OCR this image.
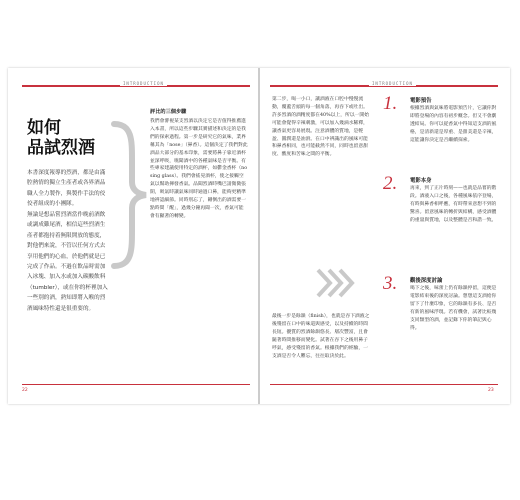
INTRODUCTION	INTRODUCTION
如何
品試烈酒

本書深度報導的烈酒，都是由滿腔熱情的獨立生產者或各界酒品職人全力製作，與製作手法的佼佼者組成的小團隊。

無論是想品嘗烈酒當作晚前酒飲或調成雞尾酒，相信這些烈酒生產者都抱持着無限開放的態度，對他們來說，不管以任何方式去享用他們的心血，於他們就是已完成了作品。不過在飲品時需加入冰塊、加入水或加入碳酸飲料（tumbler），或在你的杯裡加入一些別的酒，熟知即將入喉的烈酒風味特性還是很重要的。

評比的三個步驟

我們會審視某支烈酒以決定它是否值得推薦進入本書，所以這些步驟其實描述和決定的是我們的探索過程。第一步是研究它的氣味，業界稱其為「nose」（鼻香）。這個決定了我們對此酒品大部分的基本印象，需要將鼻子靠近酒杯並深呼吸，嗅聞酒中的各種氣味是否平衡。有些專家建議使用特定的酒杯，如鬱金香杯（nosing glass）。我們會搖晃酒杯，使之接觸空氣以幫助揮發香氣。品聞烈酒時嘴巴請微微張開，吸氣時讓氣味同時通過口鼻，能夠更精準地辨認細節。同時別忘了，剛倒出的酒需要一點時間「醒」，過幾分鐘再聞一次，香氣可能會有顯著的轉變。

第二步，喝一小口，讓酒液在口腔中慢慢流動，覆蓋舌頭的每一個角落，再吞下或吐出。許多烈酒的酒精度都在40%以上，所以一開始可能會覺得辛辣刺激，可以加入幾滴水稀釋，讓香氣更容易展現。注意酒體的質地，是輕盈、圓潤還是油滑。在口中辨識出的風味可能和鼻香相同，也可能截然不同，同時也留意甜度、酸度和苦味之間的平衡。

最後一步是餘韻（finish），也就是吞下酒液之後殘留在口中的味道與感受，以及持續的時間長短。優質的烈酒餘韻悠長、層次豐富，且會隨著時間推移而變化。試著在吞下之後用鼻子呼氣，感受殘留的香氣。根據我們的經驗，一支酒是否令人難忘，往往取決於此。

1. 電影預告

根據烈酒與氣味將電影預告片，它讓你對即將登場的內容有初步概念。但又不會劇透結局。你可以從香氣中得知這支酒的風格，是清新還是厚重、是甜美還是辛辣，這能讓你決定是否繼續探索。

2. 電影本身

再來，到了正片時刻——也就是品嘗的階段。酒液入口之後，各種風味依序登場，有時與鼻香相呼應，有時帶來意想不到的驚喜。留意風味的轉折與結構，感受酒體的重量與質地，以及整體是否和諧一致。

3. 觀後深度討論

喝下之後，味蕾上仍有餘韻停留，這便是電影結束後的深度討論。想想這支酒給你留下了什麼印象，它的餘韻有多長、是否有新的風味浮現。若有機會，試著比較幾支同類型的酒，並記錄下你的筆記與心得。

22	23
